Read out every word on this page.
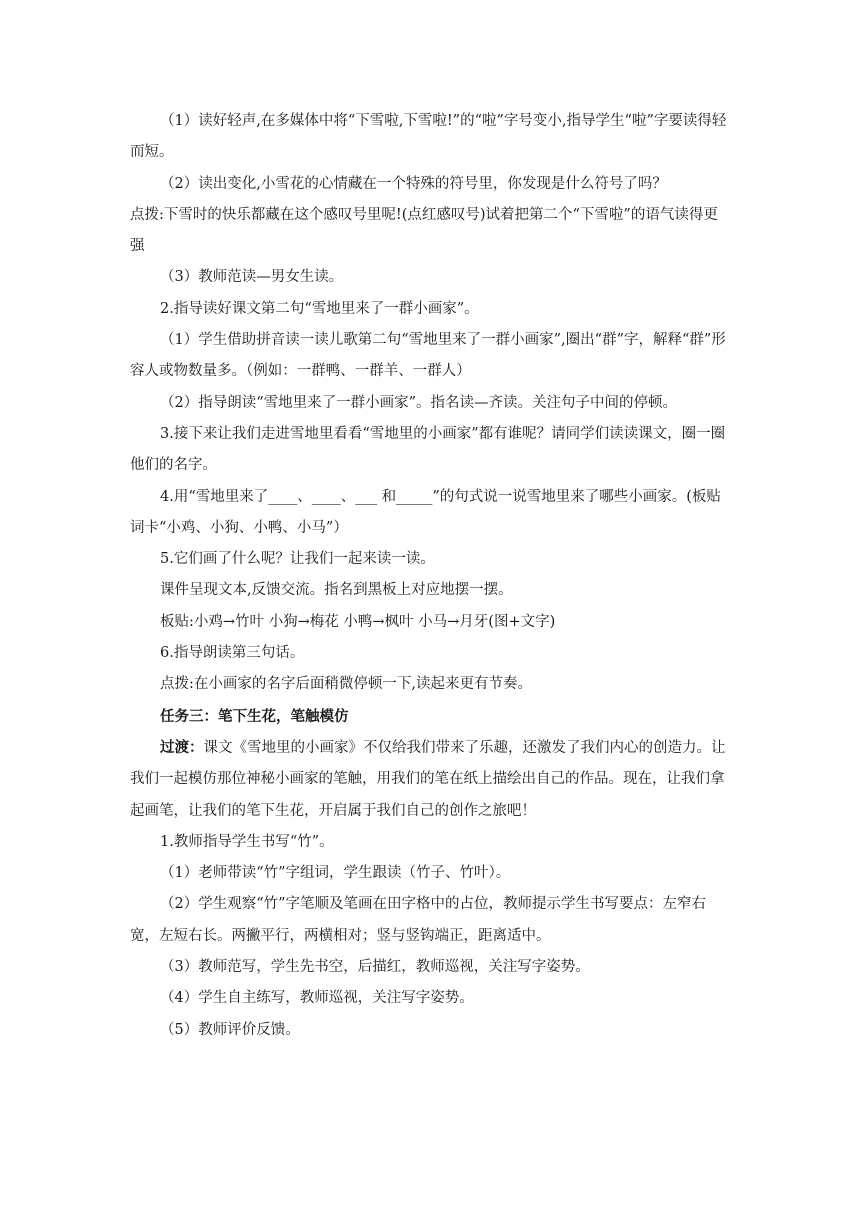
（1）读好轻声,在多媒体中将“下雪啦,下雪啦!”的“啦”字号变小,指导学生“啦”字要读得轻而短。

（2）读出变化,小雪花的心情藏在一个特殊的符号里，你发现是什么符号了吗？

点拨:下雪时的快乐都藏在这个感叹号里呢!(点红感叹号)试着把第二个“下雪啦”的语气读得更强

（3）教师范读—男女生读。

2.指导读好课文第二句“雪地里来了一群小画家”。

（1）学生借助拼音读一读儿歌第二句“雪地里来了一群小画家”,圈出“群”字，解释“群”形容人或物数量多。（例如：一群鸭、一群羊、一群人）

（2）指导朗读“雪地里来了一群小画家”。指名读—齐读。关注句子中间的停顿。

3.接下来让我们走进雪地里看看“雪地里的小画家”都有谁呢？请同学们读读课文，圈一圈他们的名字。

4.用“雪地里来了____、____、___ 和_____”的句式说一说雪地里来了哪些小画家。(板贴词卡“小鸡、小狗、小鸭、小马”）

5.它们画了什么呢？让我们一起来读一读。

课件呈现文本,反馈交流。指名到黑板上对应地摆一摆。

板贴:小鸡→竹叶 小狗→梅花 小鸭→枫叶 小马→月牙(图+文字)

6.指导朗读第三句话。

点拨:在小画家的名字后面稍微停顿一下,读起来更有节奏。

任务三：笔下生花，笔触模仿

过渡：课文《雪地里的小画家》不仅给我们带来了乐趣，还激发了我们内心的创造力。让我们一起模仿那位神秘小画家的笔触，用我们的笔在纸上描绘出自己的作品。现在，让我们拿起画笔，让我们的笔下生花，开启属于我们自己的创作之旅吧！

1.教师指导学生书写“竹”。

（1）老师带读“竹”字组词，学生跟读（竹子、竹叶）。

（2）学生观察“竹”字笔顺及笔画在田字格中的占位，教师提示学生书写要点：左窄右宽，左短右长。两撇平行，两横相对；竖与竖钩端正，距离适中。

（3）教师范写，学生先书空，后描红，教师巡视，关注写字姿势。

（4）学生自主练写，教师巡视，关注写字姿势。

（5）教师评价反馈。
